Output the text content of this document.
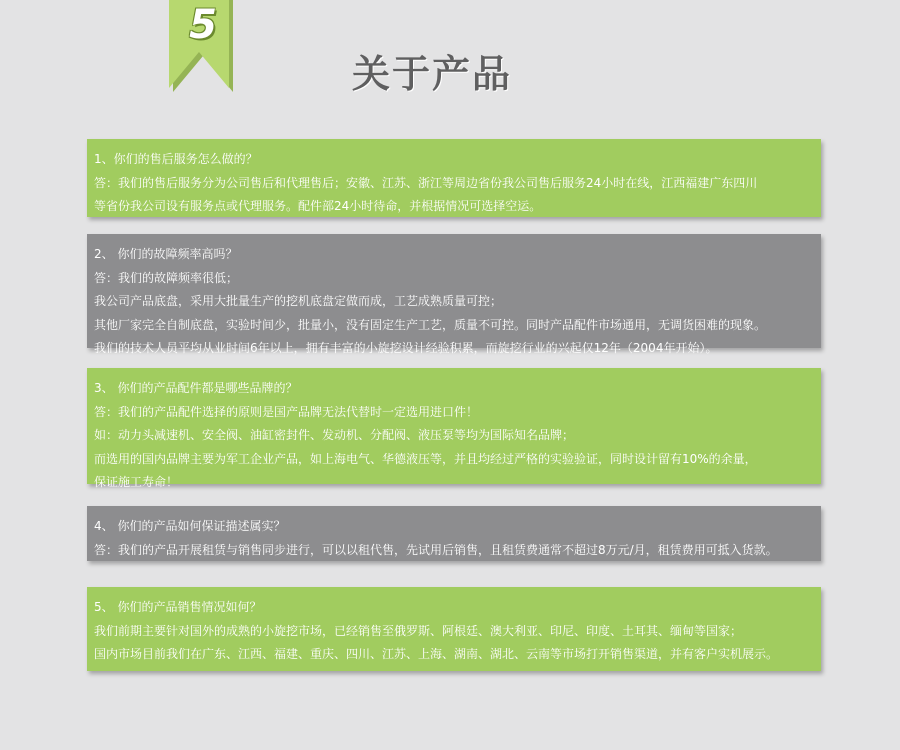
5
关于产品
1、你们的售后服务怎么做的？
答：我们的售后服务分为公司售后和代理售后；安徽、江苏、浙江等周边省份我公司售后服务24小时在线，江西福建广东四川
等省份我公司设有服务点或代理服务。配件部24小时待命，并根据情况可选择空运。
2、 你们的故障频率高吗？
答：我们的故障频率很低；
我公司产品底盘，采用大批量生产的挖机底盘定做而成，工艺成熟质量可控；
其他厂家完全自制底盘，实验时间少，批量小，没有固定生产工艺，质量不可控。同时产品配件市场通用，无调货困难的现象。
我们的技术人员平均从业时间6年以上，拥有丰富的小旋挖设计经验积累，而旋挖行业的兴起仅12年（2004年开始）。
3、 你们的产品配件都是哪些品牌的？
答：我们的产品配件选择的原则是国产品牌无法代替时一定选用进口件！
如：动力头减速机、安全阀、油缸密封件、发动机、分配阀、液压泵等均为国际知名品牌；
而选用的国内品牌主要为军工企业产品，如上海电气、华德液压等，并且均经过严格的实验验证，同时设计留有10%的余量，
保证施工寿命！
4、 你们的产品如何保证描述属实？
答：我们的产品开展租赁与销售同步进行，可以以租代售，先试用后销售，且租赁费通常不超过8万元/月，租赁费用可抵入货款。
5、 你们的产品销售情况如何？
我们前期主要针对国外的成熟的小旋挖市场，已经销售至俄罗斯、阿根廷、澳大利亚、印尼、印度、土耳其、缅甸等国家；
国内市场目前我们在广东、江西、福建、重庆、四川、江苏、上海、湖南、湖北、云南等市场打开销售渠道，并有客户实机展示。
